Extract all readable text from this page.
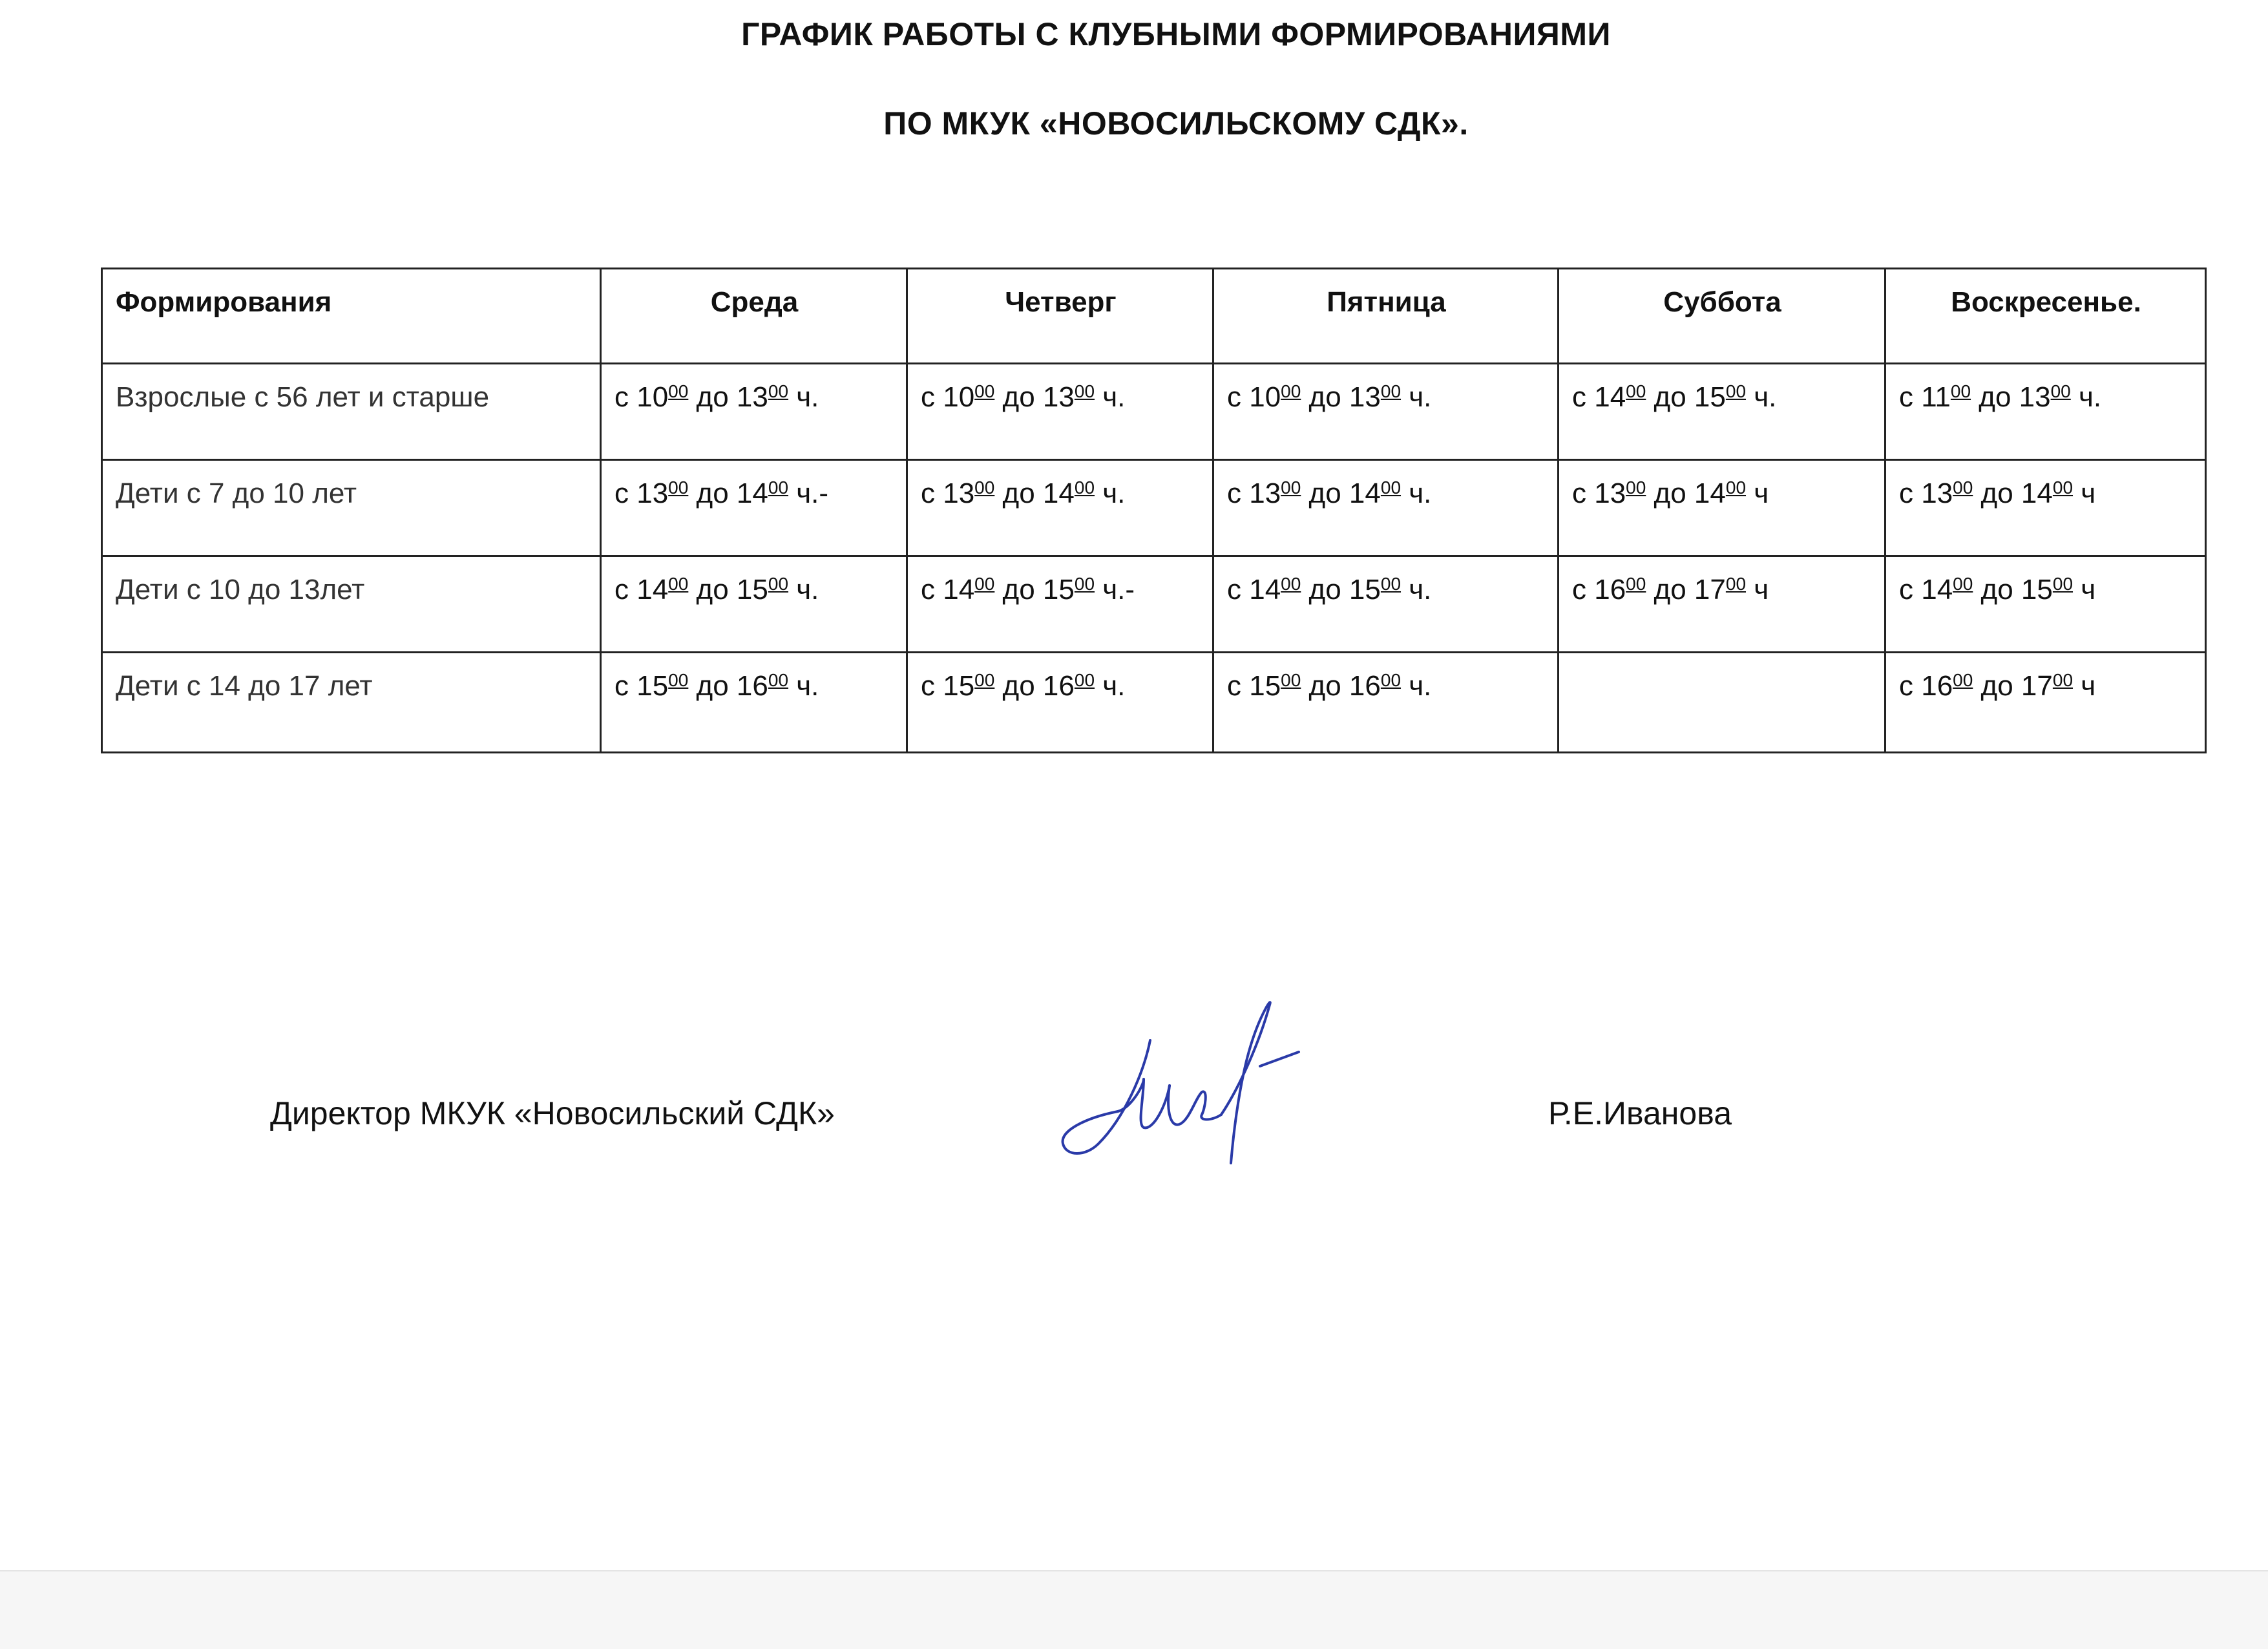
ГРАФИК РАБОТЫ С КЛУБНЫМИ ФОРМИРОВАНИЯМИ
ПО МКУК «НОВОСИЛЬСКОМУ СДК».
Формирования	Среда	Четверг	Пятница	Суббота	Воскресенье.
Взрослые с 56 лет и старше	с $10^{00}$ до $13^{00}$ ч.	с $10^{00}$ до $13^{00}$ ч.	с $10^{00}$ до $13^{00}$ ч.	с $14^{00}$ до $15^{00}$ ч.	с $11^{00}$ до $13^{00}$ ч.
Дети с 7 до 10 лет	с $13^{00}$ до $14^{00}$ ч.-	с $13^{00}$ до $14^{00}$ ч.	с $13^{00}$ до $14^{00}$ ч.	с $13^{00}$ до $14^{00}$ ч	с $13^{00}$ до $14^{00}$ ч
Дети с 10 до 13лет	с $14^{00}$ до $15^{00}$ ч.	с $14^{00}$ до $15^{00}$ ч.-	с $14^{00}$ до $15^{00}$ ч.	с $16^{00}$ до $17^{00}$ ч	с $14^{00}$ до $15^{00}$ ч
Дети с 14 до 17 лет	с $15^{00}$ до $16^{00}$ ч.	с $15^{00}$ до $16^{00}$ ч.	с $15^{00}$ до $16^{00}$ ч.		с $16^{00}$ до $17^{00}$ ч

Директор МКУК «Новосильский СДК»	Р.Е.Иванова
